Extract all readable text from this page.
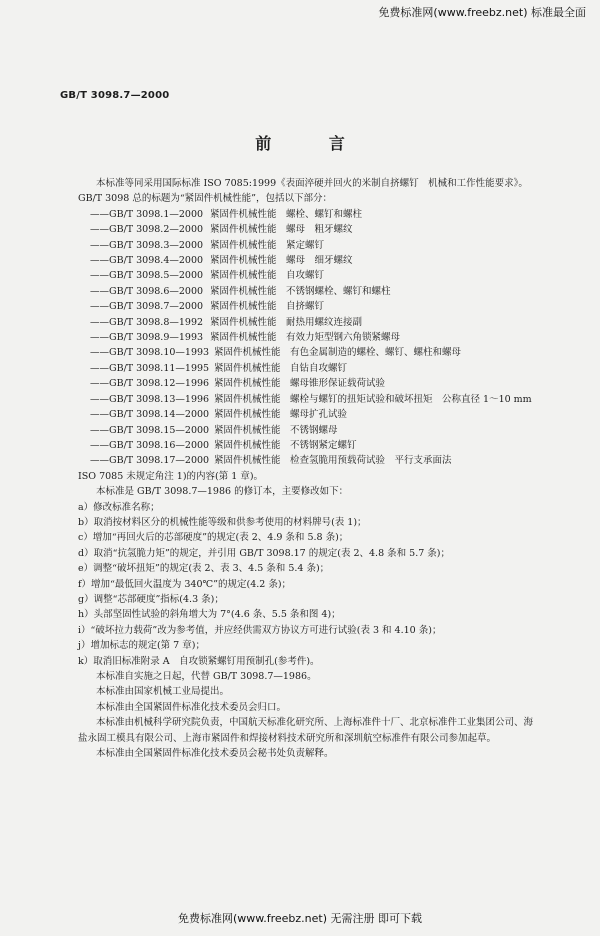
免费标准网(www.freebz.net) 标准最全面
GB/T 3098.7—2000
前 言

本标准等同采用国际标准 ISO 7085:1999《表面淬硬并回火的米制自挤螺钉　机械和工作性能要求》。

GB/T 3098 总的标题为“紧固件机械性能”，包括以下部分：

——GB/T 3098.1—2000 紧固件机械性能　螺栓、螺钉和螺柱
——GB/T 3098.2—2000 紧固件机械性能　螺母　粗牙螺纹
——GB/T 3098.3—2000 紧固件机械性能　紧定螺钉
——GB/T 3098.4—2000 紧固件机械性能　螺母　细牙螺纹
——GB/T 3098.5—2000 紧固件机械性能　自攻螺钉
——GB/T 3098.6—2000 紧固件机械性能　不锈钢螺栓、螺钉和螺柱
——GB/T 3098.7—2000 紧固件机械性能　自挤螺钉
——GB/T 3098.8—1992 紧固件机械性能　耐热用螺纹连接副
——GB/T 3098.9—1993 紧固件机械性能　有效力矩型钢六角锁紧螺母
——GB/T 3098.10—1993 紧固件机械性能　有色金属制造的螺栓、螺钉、螺柱和螺母
——GB/T 3098.11—1995 紧固件机械性能　自钻自攻螺钉
——GB/T 3098.12—1996 紧固件机械性能　螺母锥形保证载荷试验
——GB/T 3098.13—1996 紧固件机械性能　螺栓与螺钉的扭矩试验和破坏扭矩　公称直径 1～10 mm
——GB/T 3098.14—2000 紧固件机械性能　螺母扩孔试验
——GB/T 3098.15—2000 紧固件机械性能　不锈钢螺母
——GB/T 3098.16—2000 紧固件机械性能　不锈钢紧定螺钉
——GB/T 3098.17—2000 紧固件机械性能　检查氢脆用预载荷试验　平行支承面法

ISO 7085 未规定角注 1)的内容(第 1 章)。

本标准是 GB/T 3098.7—1986 的修订本，主要修改如下：

a）修改标准名称；

b）取消按材料区分的机械性能等级和供参考使用的材料牌号(表 1)；

c）增加“再回火后的芯部硬度”的规定(表 2、4.9 条和 5.8 条)；

d）取消“抗氢脆力矩”的规定，并引用 GB/T 3098.17 的规定(表 2、4.8 条和 5.7 条)；

e）调整“破坏扭矩”的规定(表 2、表 3、4.5 条和 5.4 条)；

f）增加“最低回火温度为 340℃”的规定(4.2 条)；

g）调整“芯部硬度”指标(4.3 条)；

h）头部坚固性试验的斜角增大为 7°(4.6 条、5.5 条和图 4)；

i）“破坏拉力载荷”改为参考值，并应经供需双方协议方可进行试验(表 3 和 4.10 条)；

j）增加标志的规定(第 7 章)；

k）取消旧标准附录 A　自攻锁紧螺钉用预制孔(参考件)。

本标准自实施之日起，代替 GB/T 3098.7—1986。

本标准由国家机械工业局提出。

本标准由全国紧固件标准化技术委员会归口。

本标准由机械科学研究院负责，中国航天标准化研究所、上海标准件十厂、北京标准件工业集团公司、海盐永固工模具有限公司、上海市紧固件和焊接材料技术研究所和深圳航空标准件有限公司参加起草。

本标准由全国紧固件标准化技术委员会秘书处负责解释。

免费标准网(www.freebz.net) 无需注册 即可下载
